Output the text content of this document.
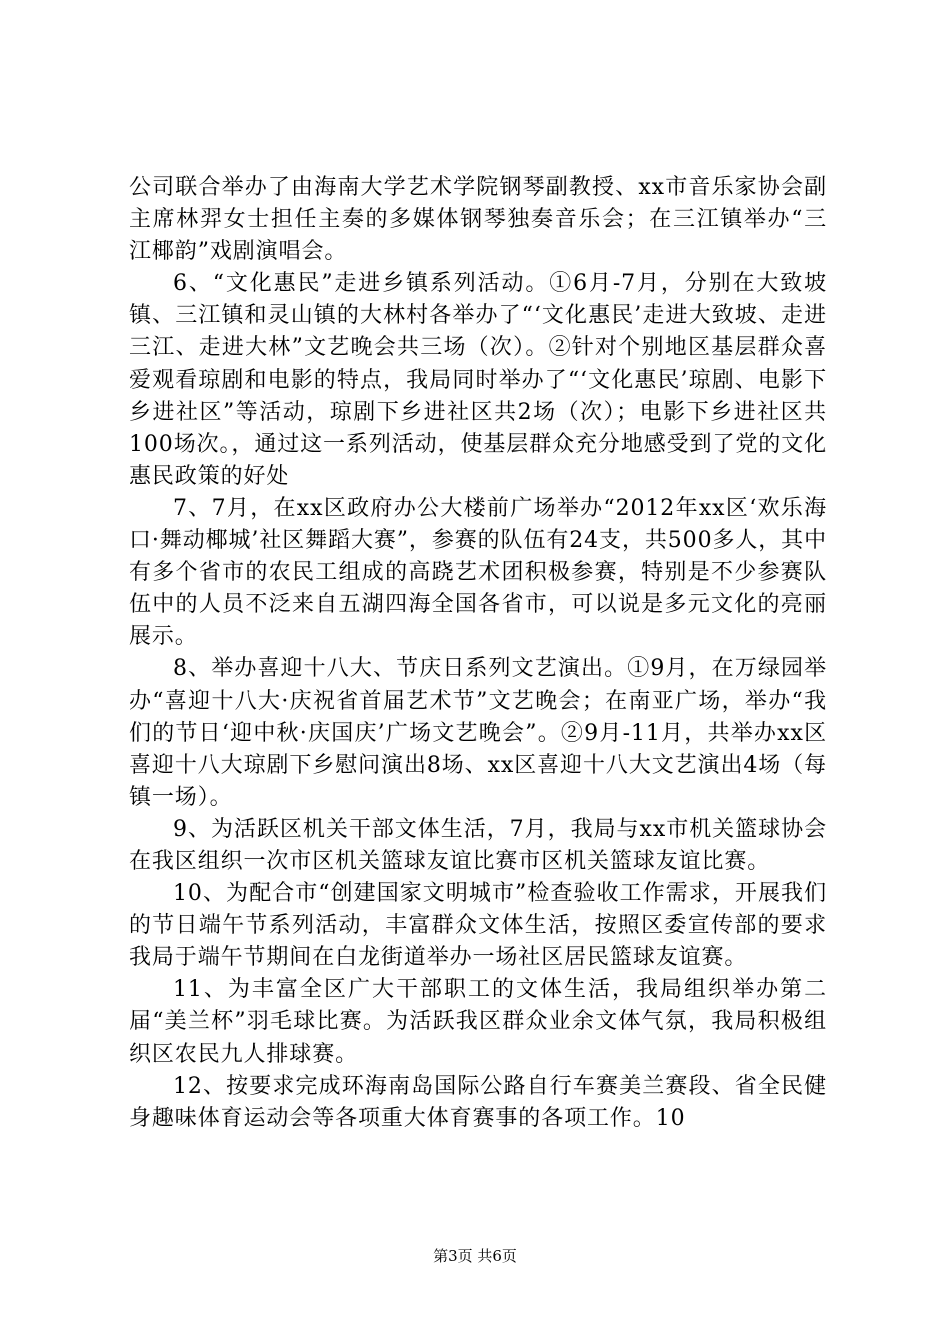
公司联合举办了由海南大学艺术学院钢琴副教授、xx市音乐家协会副主席林羿女士担任主奏的多媒体钢琴独奏音乐会；在三江镇举办“三江椰韵”戏剧演唱会。

6、“文化惠民”走进乡镇系列活动。①6月-7月，分别在大致坡镇、三江镇和灵山镇的大林村各举办了“‘文化惠民’走进大致坡、走进三江、走进大林”文艺晚会共三场（次）。②针对个别地区基层群众喜爱观看琼剧和电影的特点，我局同时举办了“‘文化惠民’琼剧、电影下乡进社区”等活动，琼剧下乡进社区共2场（次）；电影下乡进社区共100场次。，通过这一系列活动，使基层群众充分地感受到了党的文化惠民政策的好处

7、7月，在xx区政府办公大楼前广场举办“2012年xx区‘欢乐海口·舞动椰城’社区舞蹈大赛”，参赛的队伍有24支，共500多人，其中有多个省市的农民工组成的高跷艺术团积极参赛，特别是不少参赛队伍中的人员不泛来自五湖四海全国各省市，可以说是多元文化的亮丽展示。

8、举办喜迎十八大、节庆日系列文艺演出。①9月，在万绿园举办“喜迎十八大·庆祝省首届艺术节”文艺晚会；在南亚广场，举办“我们的节日‘迎中秋·庆国庆’广场文艺晚会”。②9月-11月，共举办xx区喜迎十八大琼剧下乡慰问演出8场、xx区喜迎十八大文艺演出4场（每镇一场）。

9、为活跃区机关干部文体生活，7月，我局与xx市机关篮球协会在我区组织一次市区机关篮球友谊比赛市区机关篮球友谊比赛。

10、为配合市“创建国家文明城市”检查验收工作需求，开展我们的节日端午节系列活动，丰富群众文体生活，按照区委宣传部的要求我局于端午节期间在白龙街道举办一场社区居民篮球友谊赛。

11、为丰富全区广大干部职工的文体生活，我局组织举办第二届“美兰杯”羽毛球比赛。为活跃我区群众业余文体气氛，我局积极组织区农民九人排球赛。

12、按要求完成环海南岛国际公路自行车赛美兰赛段、省全民健身趣味体育运动会等各项重大体育赛事的各项工作。10

第3页 共6页
